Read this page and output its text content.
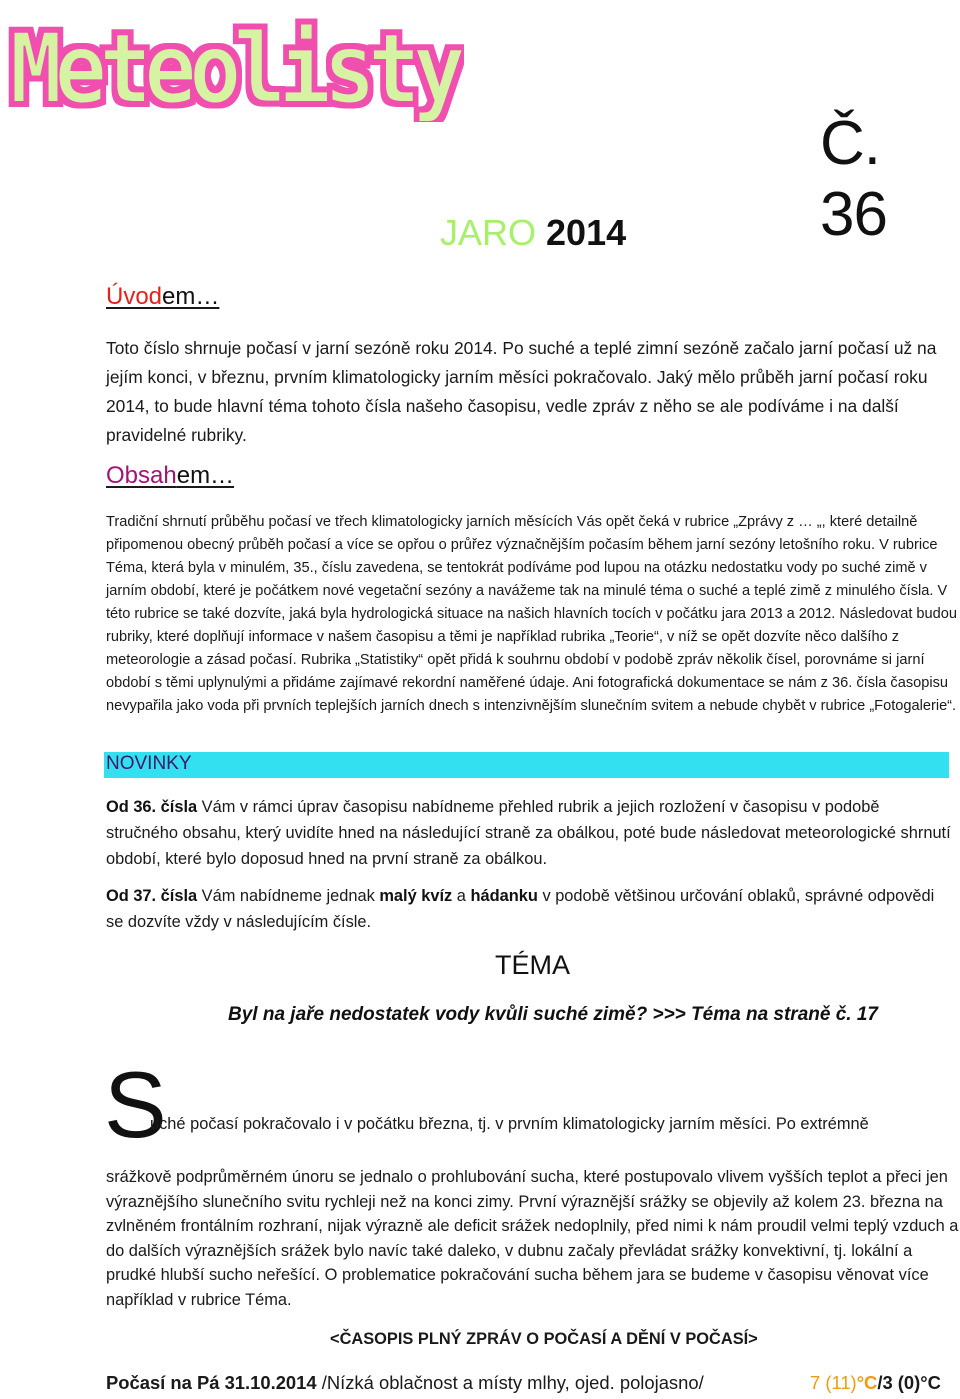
Meteolisty
Č. 36
JARO 2014
Úvodem…
Toto číslo shrnuje počasí v jarní sezóně roku 2014. Po suché a teplé zimní sezóně začalo jarní počasí už na jejím konci, v březnu, prvním klimatologicky jarním měsíci pokračovalo. Jaký mělo průběh jarní počasí roku 2014, to bude hlavní téma tohoto čísla našeho časopisu, vedle zpráv z něho se ale podíváme i na další pravidelné rubriky.
Obsahem…
Tradiční shrnutí průběhu počasí ve třech klimatologicky jarních měsících Vás opět čeká v rubrice „Zprávy z … „, které detailně připomenou obecný průběh počasí a více se opřou o průřez význačnějším počasím během jarní sezóny letošního roku. V rubrice Téma, která byla v minulém, 35., číslu zavedena, se tentokrát podíváme pod lupou na otázku nedostatku vody po suché zimě v jarním období, které je počátkem nové vegetační sezóny a navážeme tak na minulé téma o suché a teplé zimě z minulého čísla. V této rubrice se také dozvíte, jaká byla hydrologická situace na našich hlavních tocích v počátku jara 2013 a 2012. Následovat budou rubriky, které doplňují informace v našem časopisu a těmi je například rubrika „Teorie“, v níž se opět dozvíte něco dalšího z meteorologie a zásad počasí. Rubrika „Statistiky“ opět přidá k souhrnu období v podobě zpráv několik čísel, porovnáme si jarní období s těmi uplynulými a přidáme zajímavé rekordní naměřené údaje. Ani fotografická dokumentace se nám z 36. čísla časopisu nevypařila jako voda při prvních teplejších jarních dnech s intenzivnějším slunečním svitem a nebude chybět v rubrice „Fotogalerie“.
NOVINKY
Od 36. čísla Vám v rámci úprav časopisu nabídneme přehled rubrik a jejich rozložení v časopisu v podobě stručného obsahu, který uvidíte hned na následující straně za obálkou, poté bude následovat meteorologické shrnutí období, které bylo doposud hned na první straně za obálkou.
Od 37. čísla Vám nabídneme jednak malý kvíz a hádanku v podobě většinou určování oblaků, správné odpovědi se dozvíte vždy v následujícím čísle.
TÉMA
Byl na jaře nedostatek vody kvůli suché zimě? >>> Téma na straně č. 17
S
uché počasí pokračovalo i v počátku března, tj. v prvním klimatologicky jarním měsíci. Po extrémně
srážkově podprůměrném únoru se jednalo o prohlubování sucha, které postupovalo vlivem vyšších teplot a přeci jen výraznějšího slunečního svitu rychleji než na konci zimy. První výraznější srážky se objevily až kolem 23. března na zvlněném frontálním rozhraní, nijak výrazně ale deficit srážek nedoplnily, před nimi k nám proudil velmi teplý vzduch a do dalších výraznějších srážek bylo navíc také daleko, v dubnu začaly převládat srážky konvektivní, tj. lokální a prudké hlubší sucho neřešící. O problematice pokračování sucha během jara se budeme v časopisu věnovat více například v rubrice Téma.
<ČASOPIS PLNÝ ZPRÁV O POČASÍ A DĚNÍ V POČASÍ>
Počasí na Pá 31.10.2014 /Nízká oblačnost a místy mlhy, ojed. polojasno/	7 (11)°C/3 (0)°C
